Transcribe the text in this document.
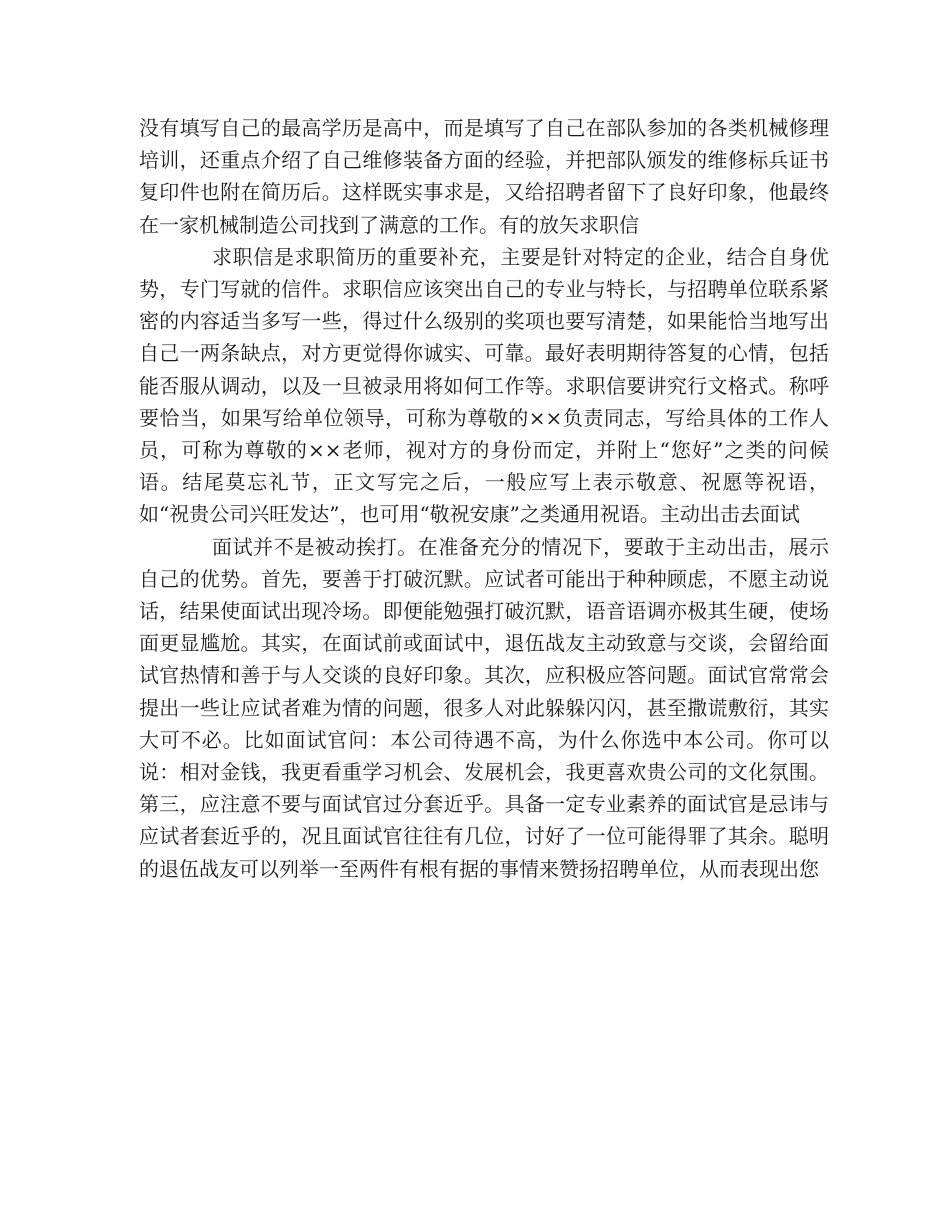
没有填写自己的最高学历是高中，而是填写了自己在部队参加的各类机械修理培训，还重点介绍了自己维修装备方面的经验，并把部队颁发的维修标兵证书复印件也附在简历后。这样既实事求是，又给招聘者留下了良好印象，他最终在一家机械制造公司找到了满意的工作。有的放矢求职信

求职信是求职简历的重要补充，主要是针对特定的企业，结合自身优势，专门写就的信件。求职信应该突出自己的专业与特长，与招聘单位联系紧密的内容适当多写一些，得过什么级别的奖项也要写清楚，如果能恰当地写出自己一两条缺点，对方更觉得你诚实、可靠。最好表明期待答复的心情，包括能否服从调动，以及一旦被录用将如何工作等。求职信要讲究行文格式。称呼要恰当，如果写给单位领导，可称为尊敬的××负责同志，写给具体的工作人员，可称为尊敬的××老师，视对方的身份而定，并附上“您好”之类的问候语。结尾莫忘礼节，正文写完之后，一般应写上表示敬意、祝愿等祝语，如“祝贵公司兴旺发达”，也可用“敬祝安康”之类通用祝语。主动出击去面试

面试并不是被动挨打。在准备充分的情况下，要敢于主动出击，展示自己的优势。首先，要善于打破沉默。应试者可能出于种种顾虑，不愿主动说话，结果使面试出现冷场。即便能勉强打破沉默，语音语调亦极其生硬，使场面更显尴尬。其实，在面试前或面试中，退伍战友主动致意与交谈，会留给面试官热情和善于与人交谈的良好印象。其次，应积极应答问题。面试官常常会提出一些让应试者难为情的问题，很多人对此躲躲闪闪，甚至撒谎敷衍，其实大可不必。比如面试官问：本公司待遇不高，为什么你选中本公司。你可以说：相对金钱，我更看重学习机会、发展机会，我更喜欢贵公司的文化氛围。第三，应注意不要与面试官过分套近乎。具备一定专业素养的面试官是忌讳与应试者套近乎的，况且面试官往往有几位，讨好了一位可能得罪了其余。聪明的退伍战友可以列举一至两件有根有据的事情来赞扬招聘单位，从而表现出您
